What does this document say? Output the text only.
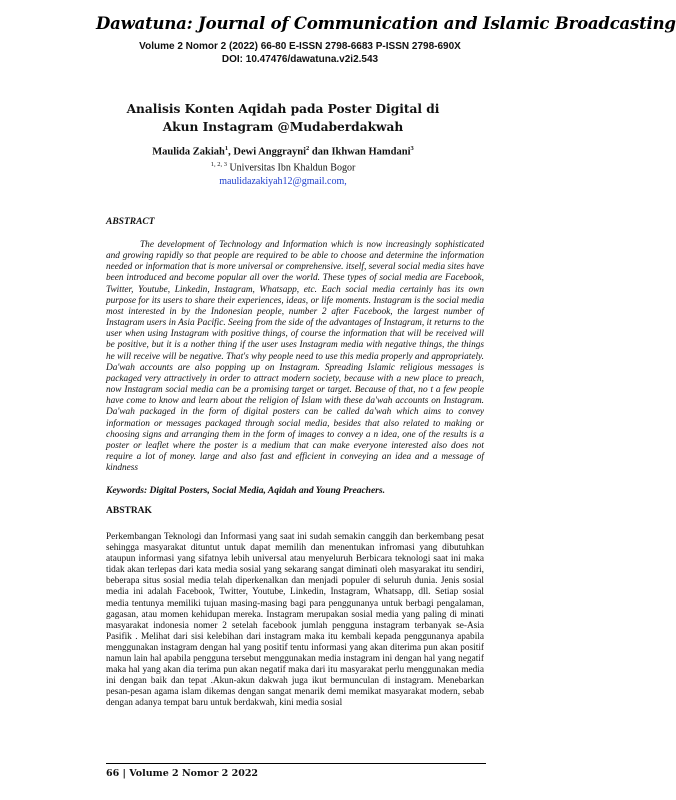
Dawatuna: Journal of Communication and Islamic Broadcasting
Volume 2 Nomor 2 (2022) 66-80 E-ISSN 2798-6683 P-ISSN 2798-690X
DOI: 10.47476/dawatuna.v2i2.543
Analisis Konten Aqidah pada Poster Digital di Akun Instagram @Mudaberdakwah
Maulida Zakiah$^1$, Dewi Anggrayni$^2$ dan Ikhwan Hamdani$^3$
$^{1, 2, 3}$ Universitas Ibn Khaldun Bogor
maulidazakiyah12@gmail.com,
ABSTRACT

The development of Technology and Information which is now increasingly sophisticated and growing rapidly so that people are required to be able to choose and determine the information needed or information that is more universal or comprehensive. itself, several social media sites have been introduced and become popular all over the world. These types of social media are Facebook, Twitter, Youtube, Linkedin, Instagram, Whatsapp, etc. Each social media certainly has its own purpose for its users to share their experiences, ideas, or life moments. Instagram is the social media most interested in by the Indonesian people, number 2 after Facebook, the largest number of Instagram users in Asia Pacific. Seeing from the side of the advantages of Instagram, it returns to the user when using Instagram with positive things, of course the information that will be received will be positive, but it is a nother thing if the user uses Instagram media with negative things, the things he will receive will be negative. That's why people need to use this media properly and appropriately. Da'wah accounts are also popping up on Instagram. Spreading Islamic religious messages is packaged very attractively in order to attract modern society, because with a new place to preach, now Instagram social media can be a promising target or target. Because of that, no t a few people have come to know and learn about the religion of Islam with these da'wah accounts on Instagram. Da'wah packaged in the form of digital posters can be called da'wah which aims to convey information or messages packaged through social media, besides that also related to making or choosing signs and arranging them in the form of images to convey a n idea, one of the results is a poster or leaflet where the poster is a medium that can make everyone interested also does not require a lot of money. large and also fast and efficient in conveying an idea and a message of kindness

Keywords: Digital Posters, Social Media, Aqidah and Young Preachers.
ABSTRAK

Perkembangan Teknologi dan Informasi yang saat ini sudah semakin canggih dan berkembang pesat sehingga masyarakat dituntut untuk dapat memilih dan menentukan infromasi yang dibutuhkan ataupun informasi yang sifatnya lebih universal atau menyeluruh Berbicara teknologi saat ini maka tidak akan terlepas dari kata media sosial yang sekarang sangat diminati oleh masyarakat itu sendiri, beberapa situs sosial media telah diperkenalkan dan menjadi populer di seluruh dunia. Jenis sosial media ini adalah Facebook, Twitter, Youtube, Linkedin, Instagram, Whatsapp, dll. Setiap sosial media tentunya memiliki tujuan masing-masing bagi para penggunanya untuk berbagi pengalaman, gagasan, atau momen kehidupan mereka. Instagram merupakan sosial media yang paling di minati masyarakat indonesia nomer 2 setelah facebook jumlah pengguna instagram terbanyak se-Asia Pasifik . Melihat dari sisi kelebihan dari instagram maka itu kembali kepada penggunanya apabila menggunakan instagram dengan hal yang positif tentu informasi yang akan diterima pun akan positif namun lain hal apabila pengguna tersebut menggunakan media instagram ini dengan hal yang negatif maka hal yang akan dia terima pun akan negatif maka dari itu masyarakat perlu menggunakan media ini dengan baik dan tepat .Akun-akun dakwah juga ikut bermunculan di instagram. Menebarkan pesan-pesan agama islam dikemas dengan sangat menarik demi memikat masyarakat modern, sebab dengan adanya tempat baru untuk berdakwah, kini media sosial

66 | Volume 2 Nomor 2 2022
